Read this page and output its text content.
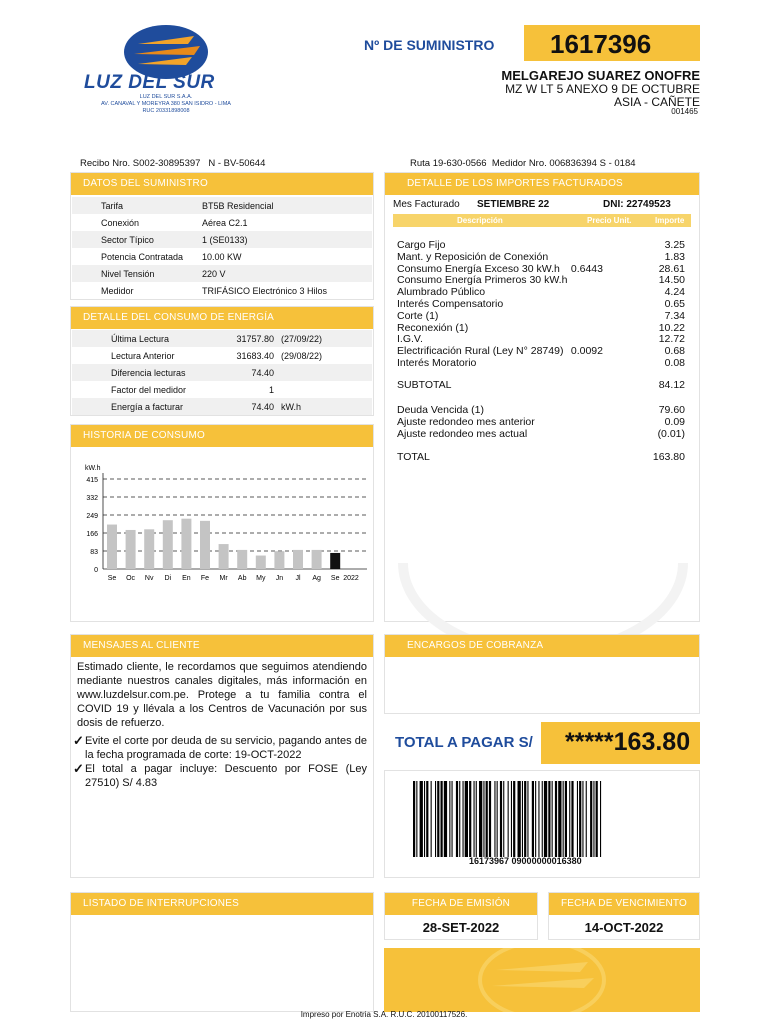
LUZ DEL SUR
LUZ DEL SUR S.A.A.
AV. CANAVAL Y MOREYRA 380 SAN ISIDRO - LIMA
RUC 20331898008
Nº DE SUMINISTRO 1617396
MELGAREJO SUAREZ ONOFRE
MZ W LT 5 ANEXO 9 DE OCTUBRE
ASIA - CAÑETE
001465
Recibo Nro. S002-30895397   N - BV-50644	Ruta 19-630-0566  Medidor Nro. 006836394 S - 0184
DATOS DEL SUMINISTRO
Tarifa	BT5B Residencial
Conexión	Aérea C2.1
Sector Típico	1 (SE0133)
Potencia Contratada 10.00 KW
Nivel Tensión	220 V
Medidor	TRIFÁSICO Electrónico 3 Hilos
DETALLE DEL CONSUMO DE ENERGÍA
Última Lectura	31757.80 (27/09/22)
Lectura Anterior	31683.40 (29/08/22)
Diferencia lecturas	74.40
Factor del medidor	1
Energía a facturar	74.40 kW.h
HISTORIA DE CONSUMO
kW.h
0
83
166
249
332
415
Se Oc Nv Di En Fe Mr Ab My Jn Jl Ag Se 2022
DETALLE DE LOS IMPORTES FACTURADOS
Mes Facturado SETIEMBRE 22	DNI: 22749523
Descripción	Precio Unit.	Importe
Cargo Fijo	3.25
Mant. y Reposición de Conexión	1.83
Consumo Energía Exceso 30 kW.h 0.6443	28.61
Consumo Energía Primeros 30 kW.h	14.50
Alumbrado Público	4.24
Interés Compensatorio	0.65
Corte (1)	7.34
Reconexión (1)	10.22
I.G.V.	12.72
Electrificación Rural (Ley N° 28749) 0.0092	0.68
Interés Moratorio	0.08
SUBTOTAL	84.12
Deuda Vencida (1)	79.60
Ajuste redondeo mes anterior	0.09
Ajuste redondeo mes actual	(0.01)
TOTAL	163.80
MENSAJES AL CLIENTE
Estimado cliente, le recordamos que seguimos atendiendo mediante nuestros canales digitales, más información en www.luzdelsur.com.pe. Protege a tu familia contra el COVID 19 y llévala a los Centros de Vacunación por sus dosis de refuerzo.
✓ Evite el corte por deuda de su servicio, pagando antes de la fecha programada de corte: 19-OCT-2022
✓ El total a pagar incluye: Descuento por FOSE (Ley 27510) S/ 4.83
ENCARGOS DE COBRANZA
TOTAL A PAGAR S/ *****163.80
16173967 09000000016380
LISTADO DE INTERRUPCIONES	FECHA DE EMISIÓN
28-SET-2022
FECHA DE VENCIMIENTO
14-OCT-2022
Impreso por Enotria S.A. R.U.C. 20100117526.
